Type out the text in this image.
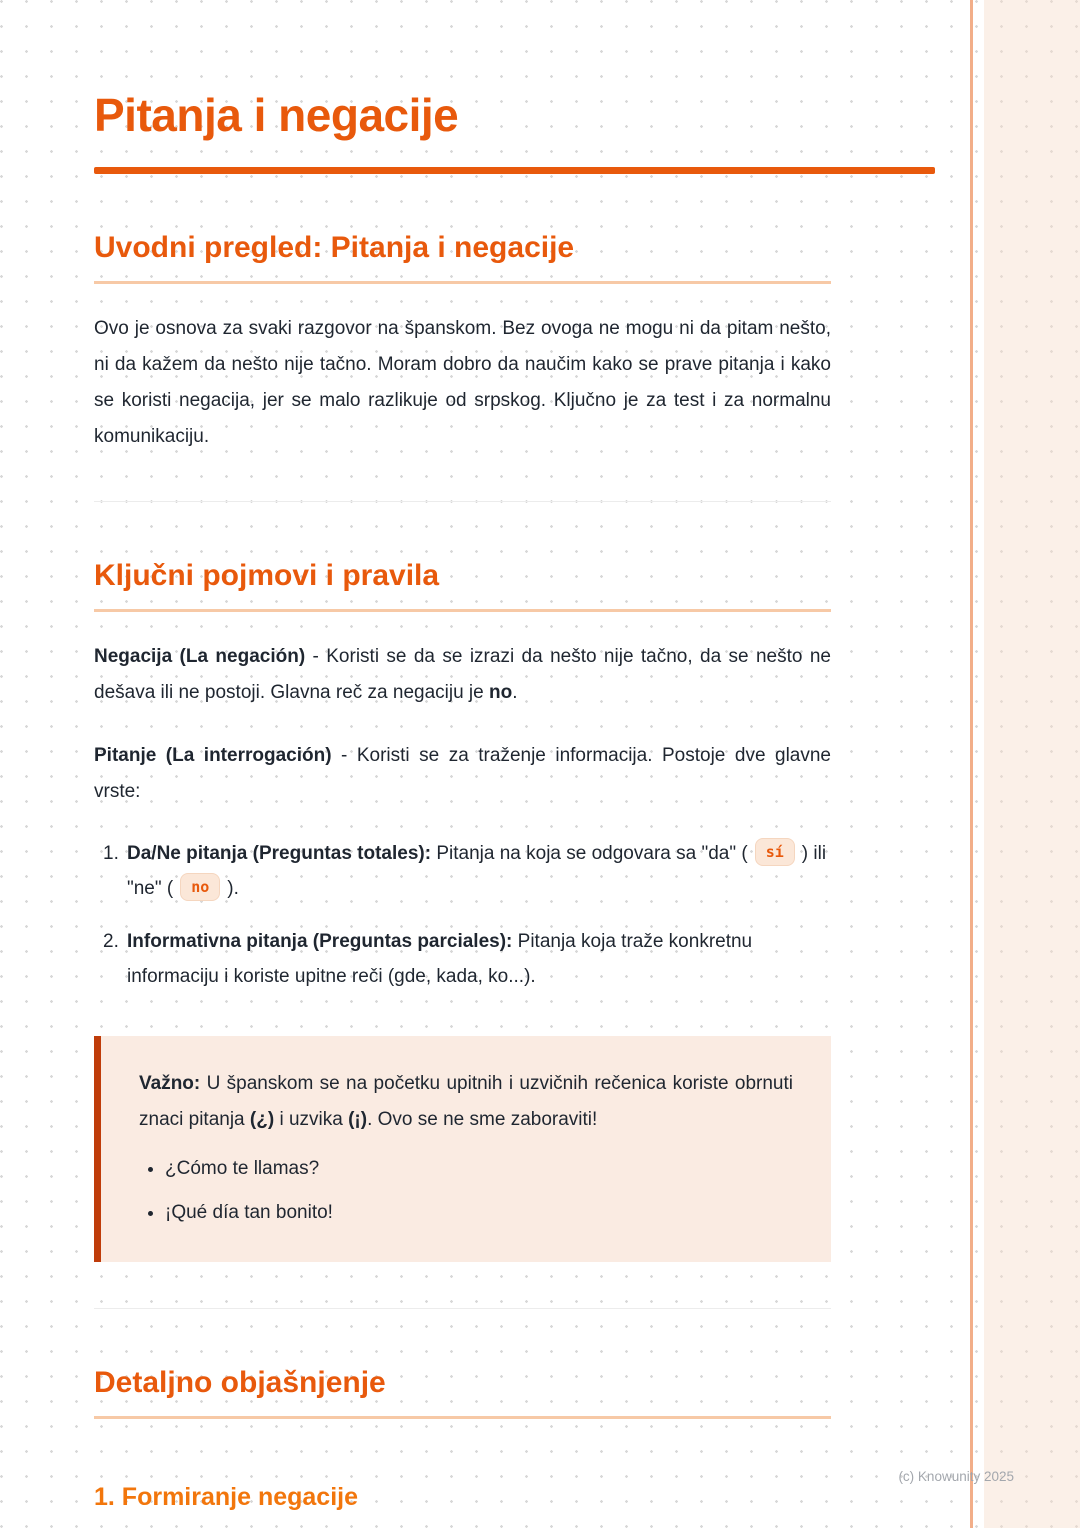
Pitanja i negacije
Uvodni pregled: Pitanja i negacije

Ovo je osnova za svaki razgovor na španskom. Bez ovoga ne mogu ni da pitam nešto, ni da kažem da nešto nije tačno. Moram dobro da naučim kako se prave pitanja i kako se koristi negacija, jer se malo razlikuje od srpskog. Ključno je za test i za normalnu komunikaciju.

Ključni pojmovi i pravila

Negacija (La negación) - Koristi se da se izrazi da nešto nije tačno, da se nešto ne dešava ili ne postoji. Glavna reč za negaciju je no.

Pitanje (La interrogación) - Koristi se za traženje informacija. Postoje dve glavne vrste:

1. Da/Ne pitanja (Preguntas totales): Pitanja na koja se odgovara sa "da" ( sí ) ili "ne" ( no ).
2. Informativna pitanja (Preguntas parciales): Pitanja koja traže konkretnu informaciju i koriste upitne reči (gde, kada, ko...).

Važno: U španskom se na početku upitnih i uzvičnih rečenica koriste obrnuti znaci pitanja (¿) i uzvika (¡). Ovo se ne sme zaboraviti!

• ¿Cómo te llamas?
• ¡Qué día tan bonito!
Detaljno objašnjenje
1. Formiranje negacije
(c) Knowunity 2025
